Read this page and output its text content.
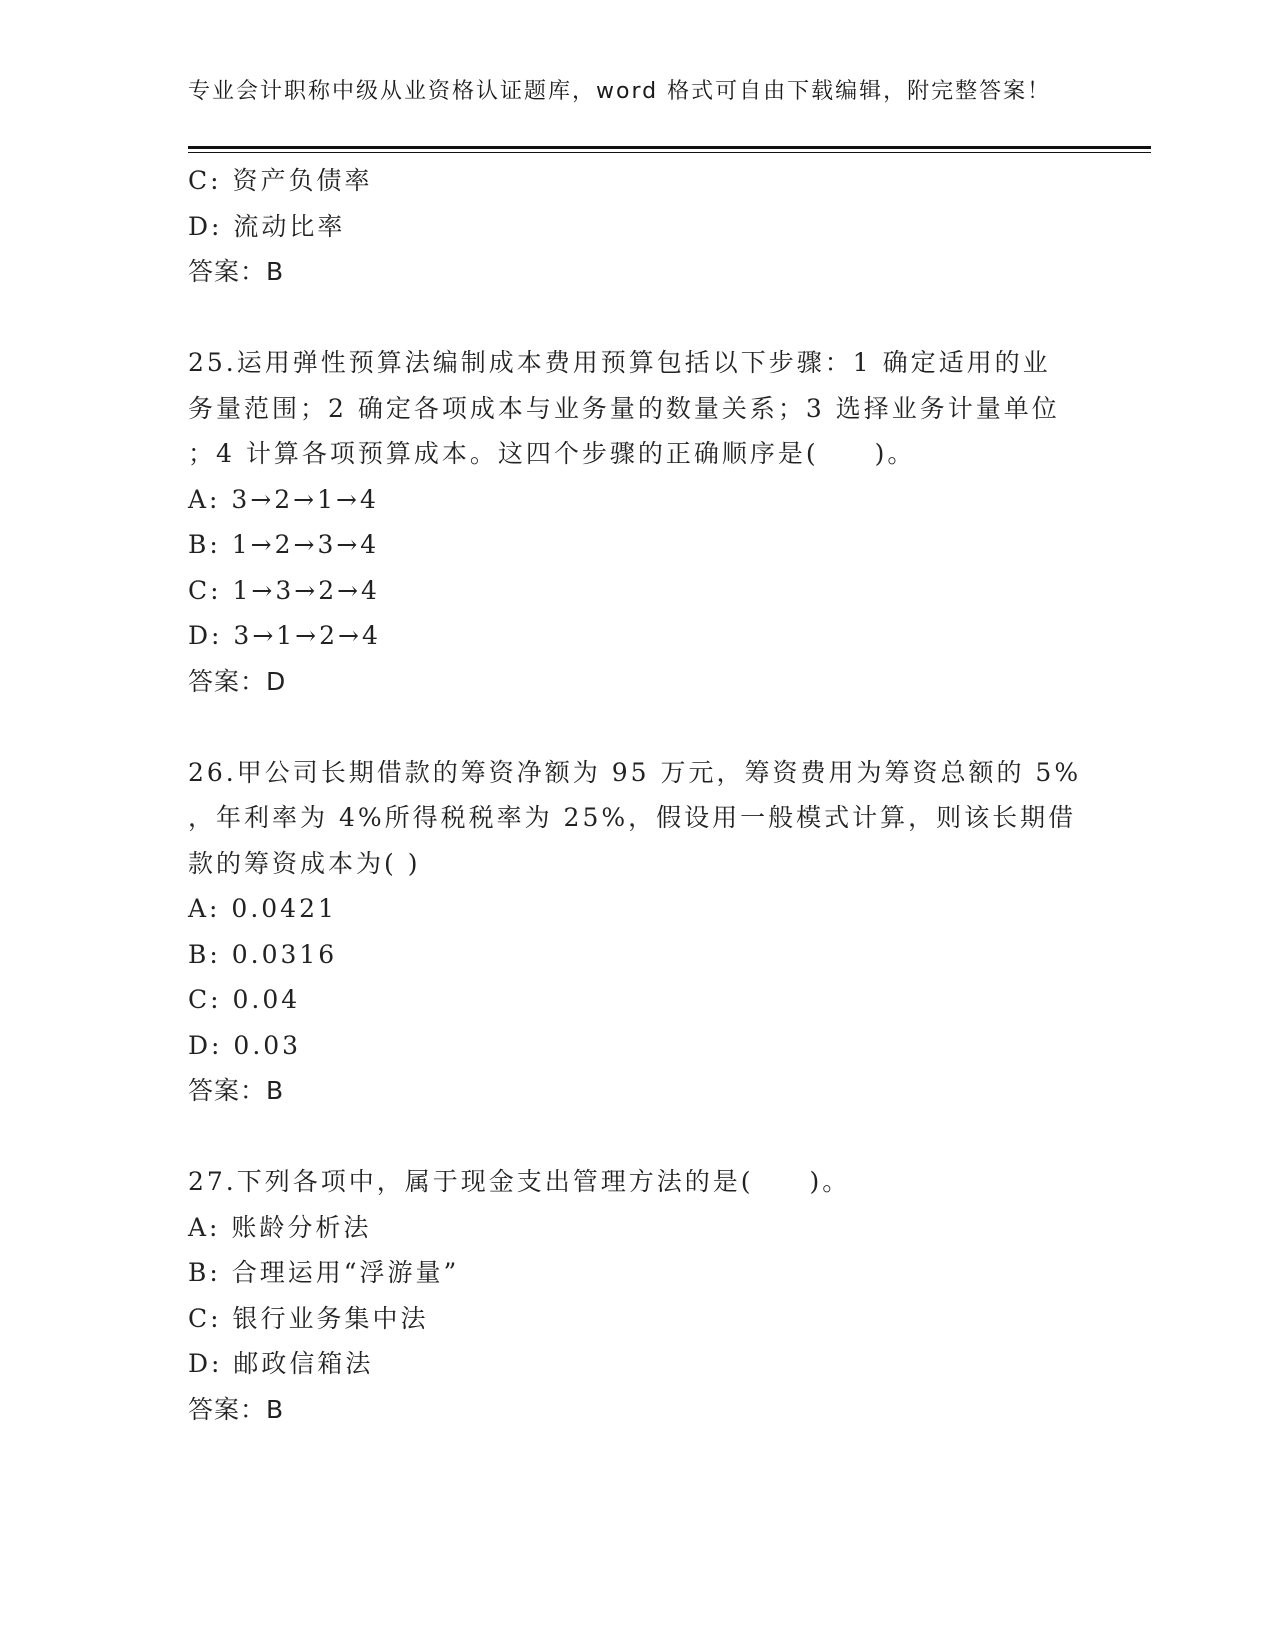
专业会计职称中级从业资格认证题库，word 格式可自由下载编辑，附完整答案！
C: 资产负债率
D: 流动比率
答案：B
25.运用弹性预算法编制成本费用预算包括以下步骤：1 确定适用的业
务量范围；2 确定各项成本与业务量的数量关系；3 选择业务计量单位
；4 计算各项预算成本。这四个步骤的正确顺序是(　　)。
A: 3→2→1→4
B: 1→2→3→4
C: 1→3→2→4
D: 3→1→2→4
答案：D
26.甲公司长期借款的筹资净额为 95 万元，筹资费用为筹资总额的 5%
，年利率为 4%所得税税率为 25%，假设用一般模式计算，则该长期借
款的筹资成本为( )
A: 0.0421
B: 0.0316
C: 0.04
D: 0.03
答案：B
27.下列各项中，属于现金支出管理方法的是(　　)。
A: 账龄分析法
B: 合理运用“浮游量”
C: 银行业务集中法
D: 邮政信箱法
答案：B
